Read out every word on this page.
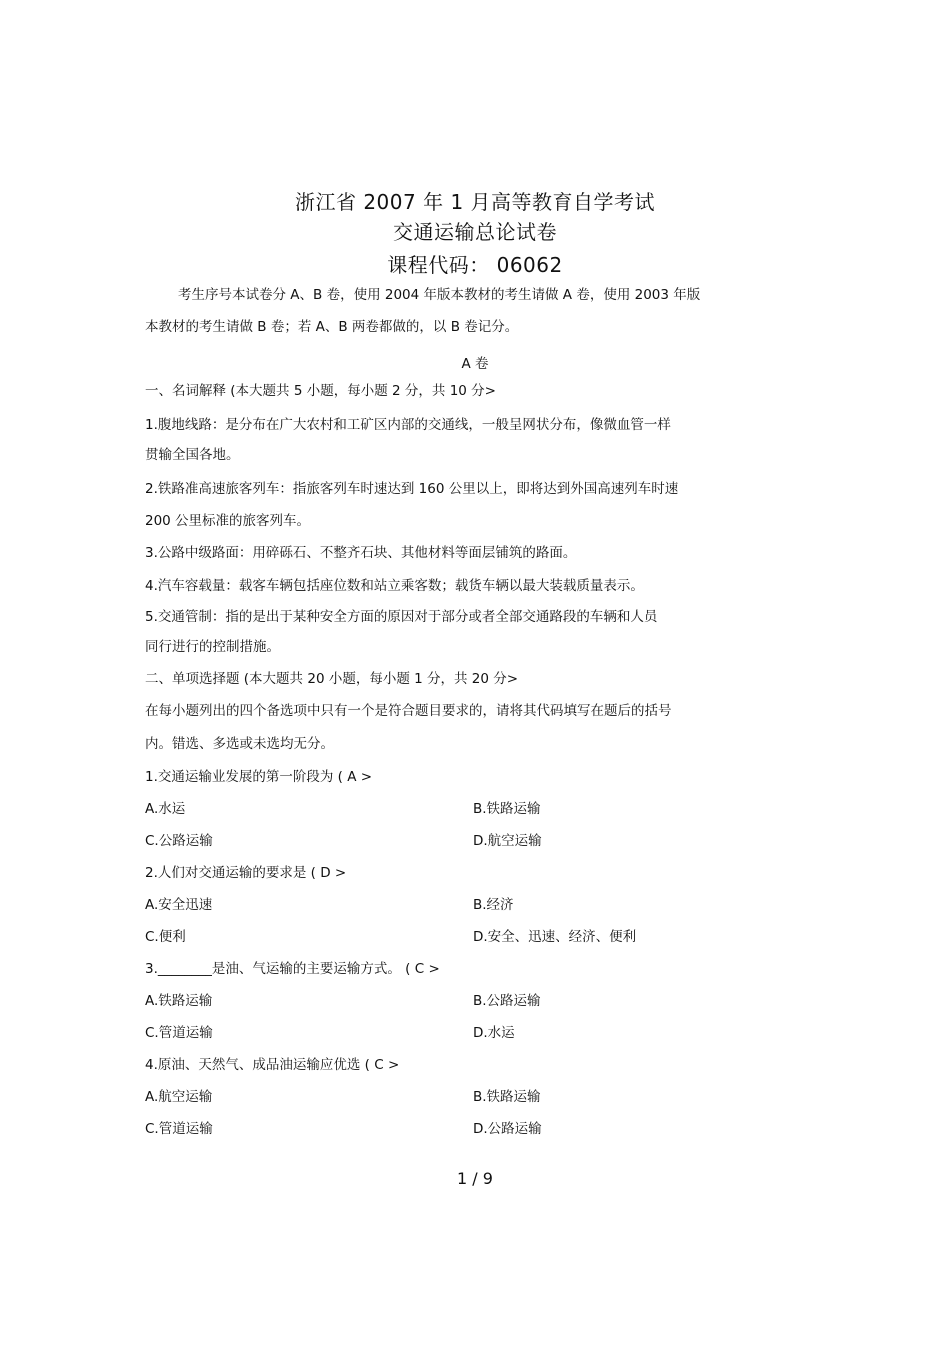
浙江省 2007 年 1 月高等教育自学考试
交通运输总论试卷
课程代码： 06062
考生序号本试卷分 A、B 卷，使用 2004 年版本教材的考生请做 A 卷，使用 2003 年版
本教材的考生请做 B 卷；若 A、B 两卷都做的，以 B 卷记分。
A 卷
一、名词解释 (本大题共 5 小题，每小题 2 分，共 10 分>
1.腹地线路：是分布在广大农村和工矿区内部的交通线，一般呈网状分布，像微血管一样
贯输全国各地。
2.铁路准高速旅客列车：指旅客列车时速达到 160 公里以上，即将达到外国高速列车时速
200 公里标准的旅客列车。
3.公路中级路面：用碎砾石、不整齐石块、其他材料等面层铺筑的路面。
4.汽车容载量：载客车辆包括座位数和站立乘客数；载货车辆以最大装载质量表示。
5.交通管制：指的是出于某种安全方面的原因对于部分或者全部交通路段的车辆和人员
同行进行的控制措施。
二、单项选择题 (本大题共 20 小题，每小题 1 分，共 20 分>
在每小题列出的四个备选项中只有一个是符合题目要求的，请将其代码填写在题后的括号
内。错选、多选或未选均无分。
1.交通运输业发展的第一阶段为 ( A >
A.水运	B.铁路运输
C.公路运输	D.航空运输
2.人们对交通运输的要求是 ( D >
A.安全迅速	B.经济
C.便利	D.安全、迅速、经济、便利
3.________是油、气运输的主要运输方式。 ( C >
A.铁路运输	B.公路运输
C.管道运输	D.水运
4.原油、天然气、成品油运输应优选 ( C >
A.航空运输	B.铁路运输
C.管道运输	D.公路运输
1 / 9
